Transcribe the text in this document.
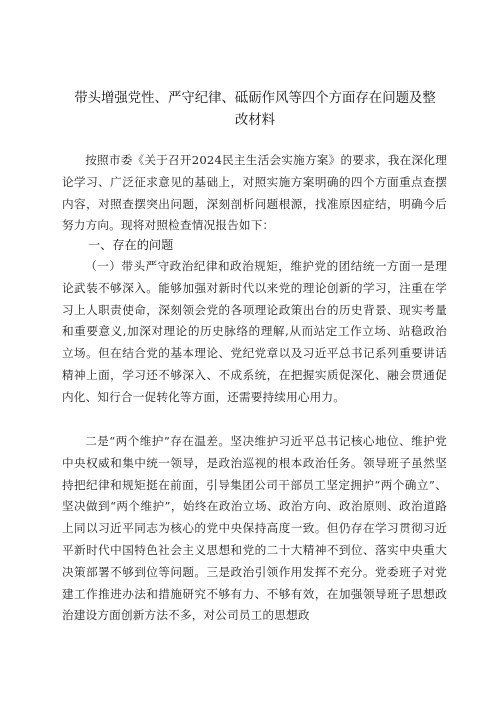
带头增强党性、严守纪律、砥砺作风等四个方面存在问题及整改材料

按照市委《关于召开2024民主生活会实施方案》的要求，我在深化理论学习、广泛征求意见的基础上，对照实施方案明确的四个方面重点查摆内容，对照查摆突出问题，深刻剖析问题根源，找准原因症结，明确今后努力方向。现将对照检查情况报告如下：

一、存在的问题

（一）带头严守政治纪律和政治规矩，维护党的团结统一方面一是理论武装不够深入。能够加强对新时代以来党的理论创新的学习，注重在学习上人职责使命，深刻领会党的各项理论政策出台的历史背景、现实考量和重要意义,加深对理论的历史脉络的理解,从而站定工作立场、站稳政治立场。但在结合党的基本理论、党纪党章以及习近平总书记系列重要讲话精神上面，学习还不够深入、不成系统，在把握实质促深化、融会贯通促内化、知行合一促转化等方面，还需要持续用心用力。

二是“两个维护”存在温差。坚决维护习近平总书记核心地位、维护党中央权威和集中统一领导，是政治巡视的根本政治任务。领导班子虽然坚持把纪律和规矩挺在前面，引导集团公司干部员工坚定拥护“两个确立”、坚决做到“两个维护”，始终在政治立场、政治方向、政治原则、政治道路上同以习近平同志为核心的党中央保持高度一致。但仍存在学习贯彻习近平新时代中国特色社会主义思想和党的二十大精神不到位、落实中央重大决策部署不够到位等问题。三是政治引领作用发挥不充分。党委班子对党建工作推进办法和措施研究不够有力、不够有效，在加强领导班子思想政治建设方面创新方法不多，对公司员工的思想政
